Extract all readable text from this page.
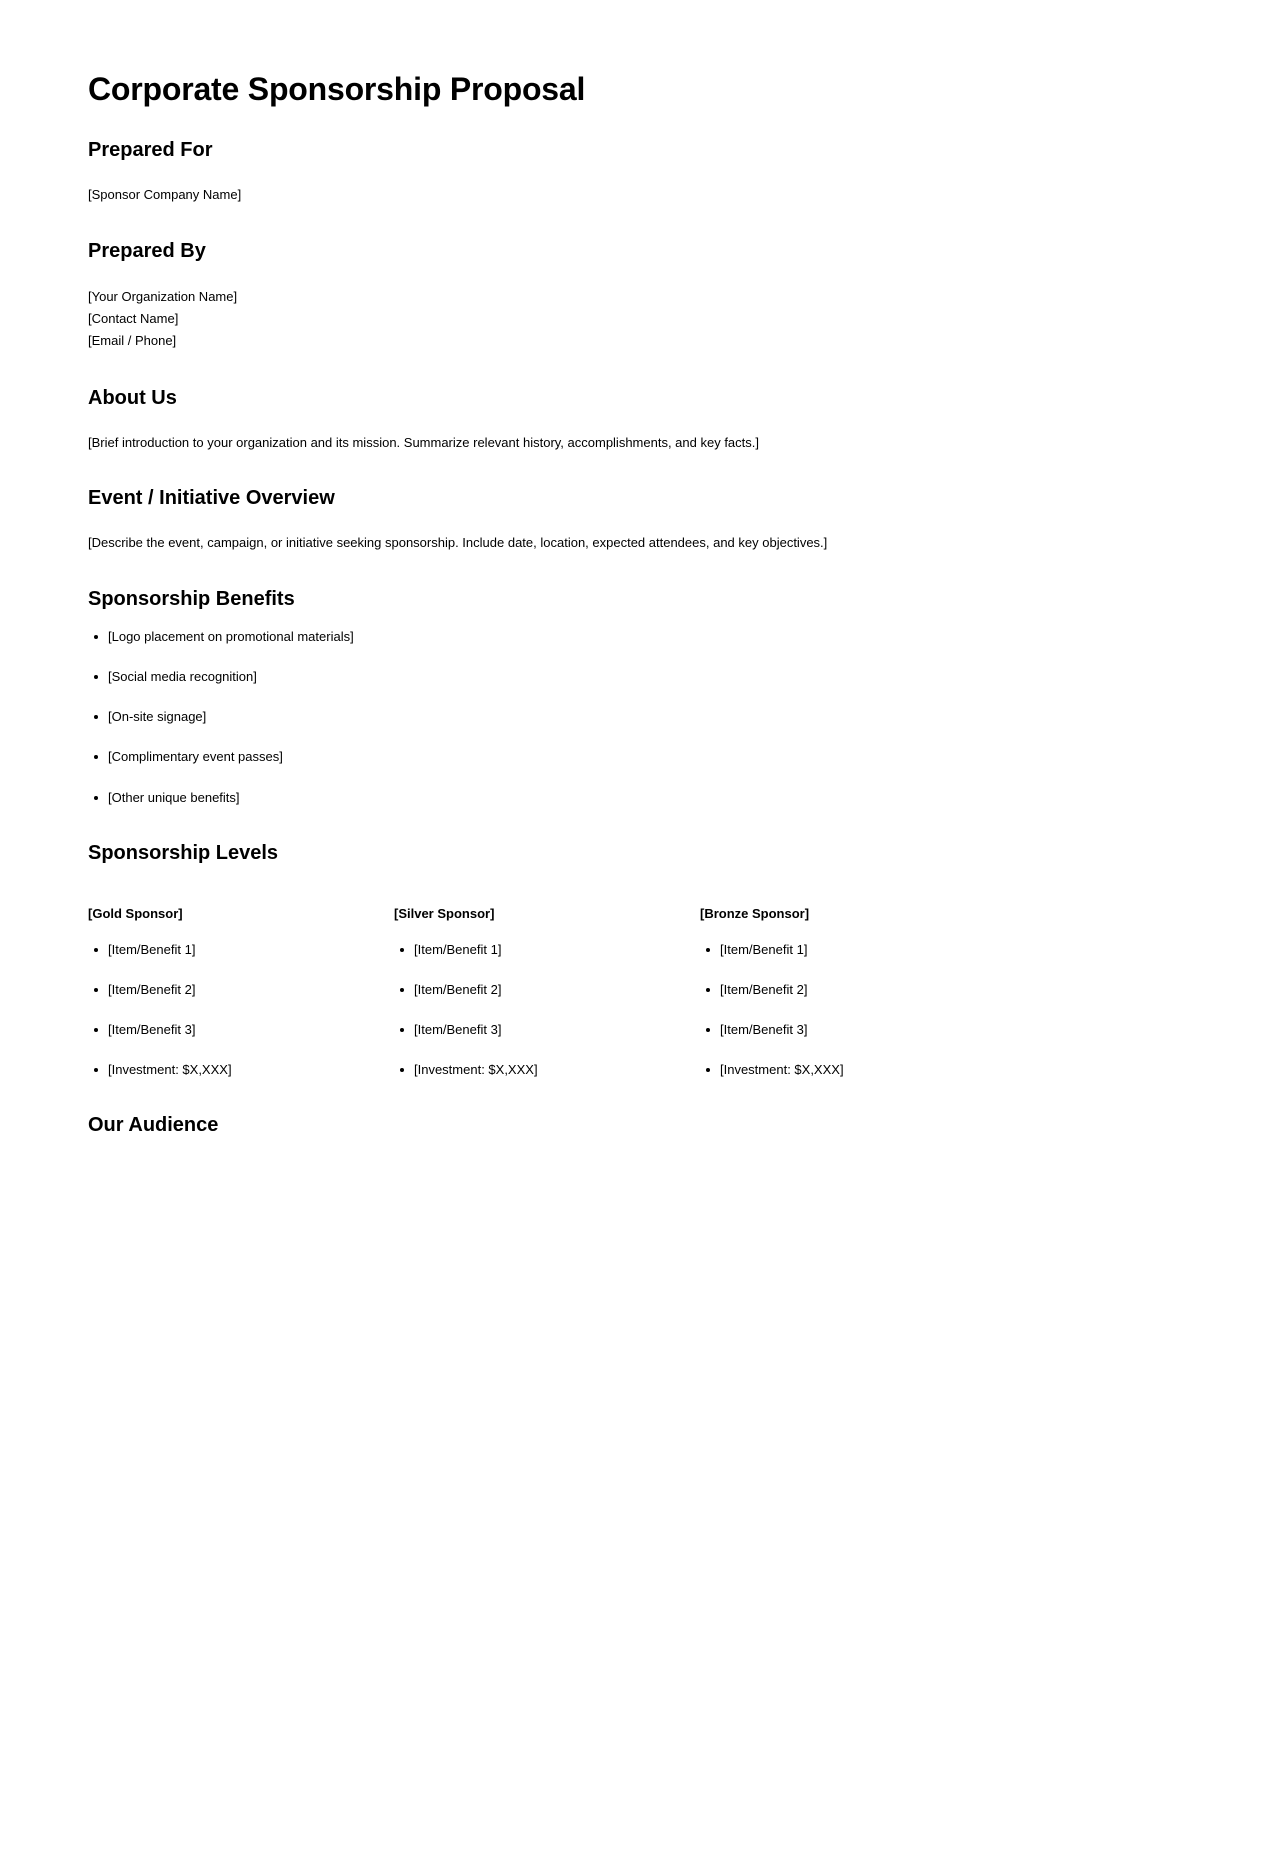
Corporate Sponsorship Proposal
Prepared For

[Sponsor Company Name]

Prepared By

[Your Organization Name]

[Contact Name]

[Email / Phone]

About Us

[Brief introduction to your organization and its mission. Summarize relevant history, accomplishments, and key facts.]

Event / Initiative Overview

[Describe the event, campaign, or initiative seeking sponsorship. Include date, location, expected attendees, and key objectives.]

Sponsorship Benefits
[Logo placement on promotional materials]
[Social media recognition]
[On-site signage]
[Complimentary event passes]
[Other unique benefits]
Sponsorship Levels

[Gold Sponsor]

[Item/Benefit 1]
[Item/Benefit 2]
[Item/Benefit 3]
[Investment: $X,XXX]

[Silver Sponsor]

[Item/Benefit 1]
[Item/Benefit 2]
[Item/Benefit 3]
[Investment: $X,XXX]

[Bronze Sponsor]

[Item/Benefit 1]
[Item/Benefit 2]
[Item/Benefit 3]
[Investment: $X,XXX]
Our Audience
